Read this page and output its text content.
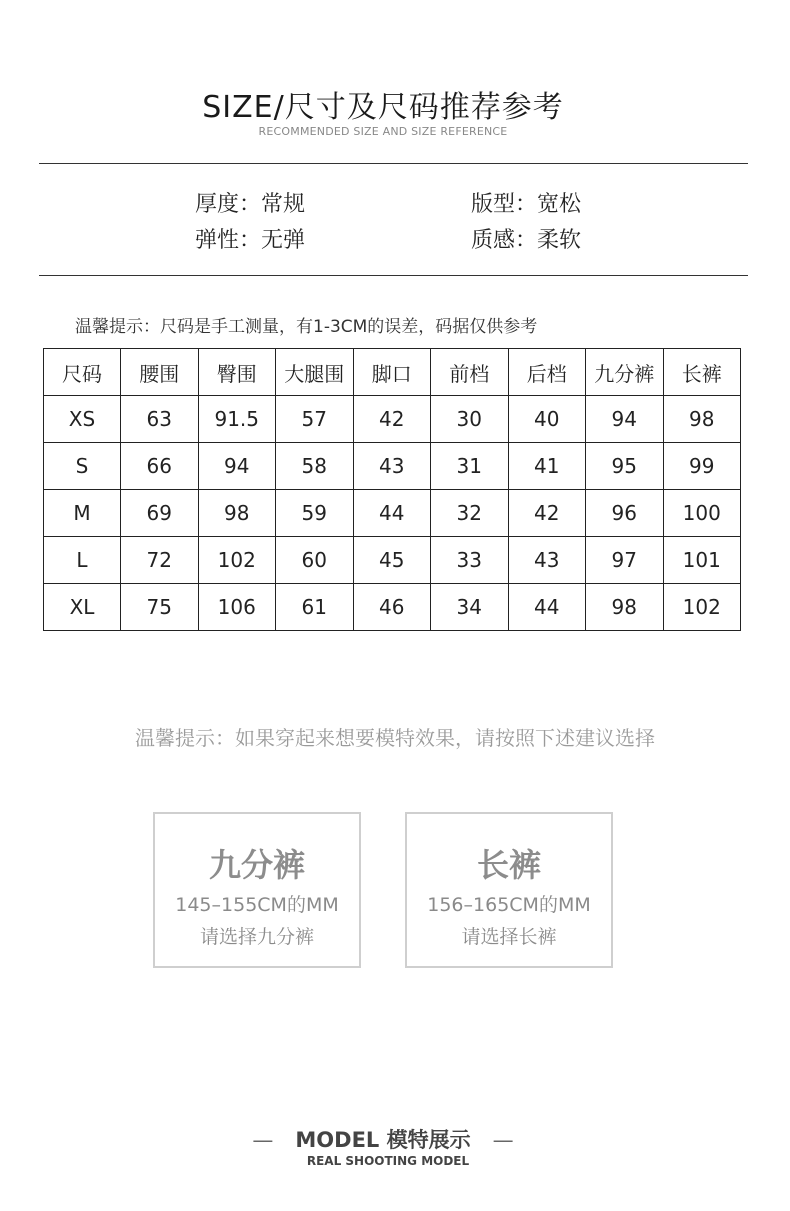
SIZE/尺寸及尺码推荐参考
RECOMMENDED SIZE AND SIZE REFERENCE
厚度：常规	版型：宽松
弹性：无弹	质感：柔软
温馨提示：尺码是手工测量，有1-3CM的误差，码据仅供参考
尺码	腰围	臀围	大腿围	脚口	前档	后档	九分裤	长裤
XS	63	91.5	57	42	30	40	94	98
S	66	94	58	43	31	41	95	99
M	69	98	59	44	32	42	96	100
L	72	102	60	45	33	43	97	101
XL	75	106	61	46	34	44	98	102
温馨提示：如果穿起来想要模特效果，请按照下述建议选择
九分裤
145–155CM的MM
请选择九分裤
长裤
156–165CM的MM
请选择长裤
— MODEL 模特展示 —
REAL SHOOTING MODEL
